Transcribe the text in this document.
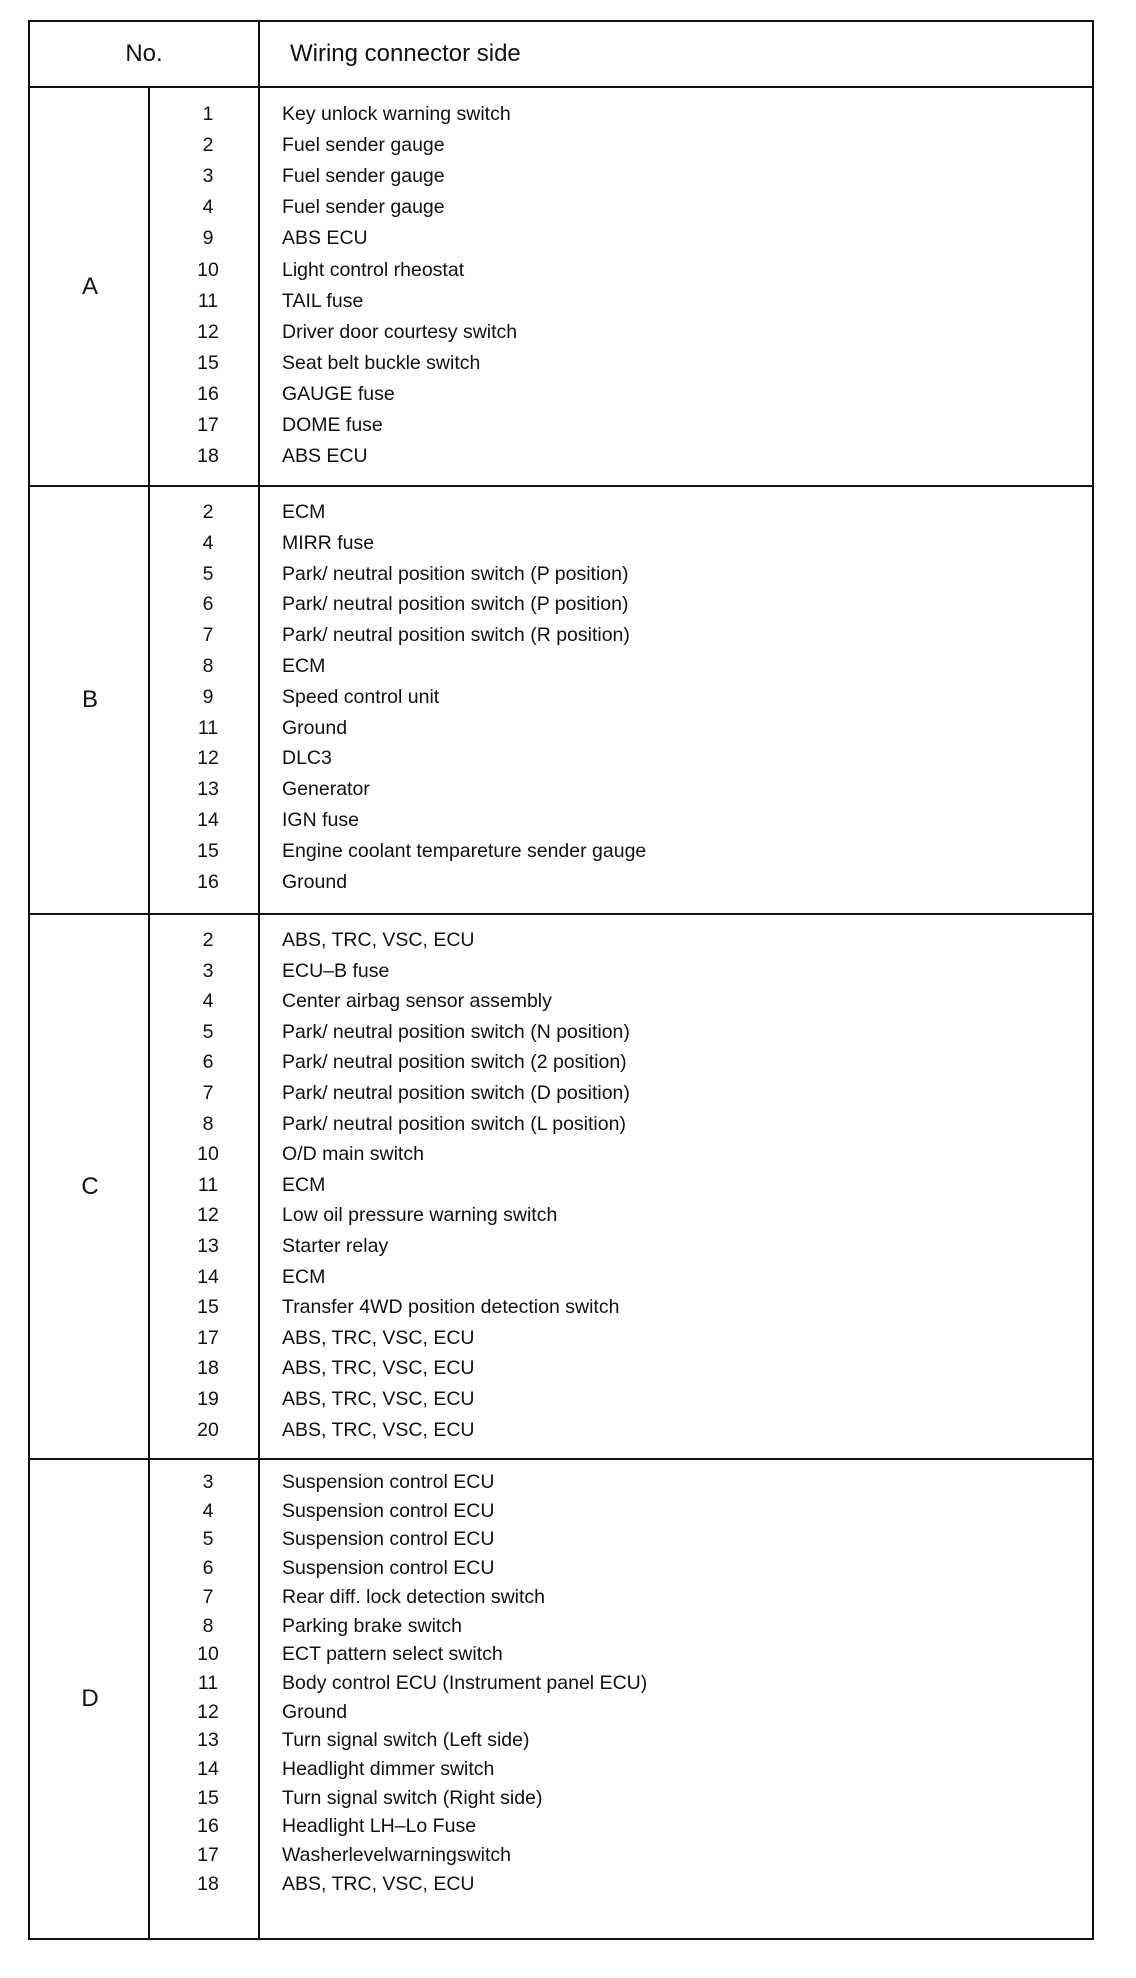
No.	Wiring connector side
A
1	Key unlock warning switch
2	Fuel sender gauge
3	Fuel sender gauge
4	Fuel sender gauge
9	ABS ECU
10	Light control rheostat
11	TAIL fuse
12	Driver door courtesy switch
15	Seat belt buckle switch
16	GAUGE fuse
17	DOME fuse
18	ABS ECU
B
2	ECM
4	MIRR fuse
5	Park/ neutral position switch (P position)
6	Park/ neutral position switch (P position)
7	Park/ neutral position switch (R position)
8	ECM
9	Speed control unit
11	Ground
12	DLC3
13	Generator
14	IGN fuse
15	Engine coolant tempareture sender gauge
16	Ground
C
2	ABS, TRC, VSC, ECU
3	ECU–B fuse
4	Center airbag sensor assembly
5	Park/ neutral position switch (N position)
6	Park/ neutral position switch (2 position)
7	Park/ neutral position switch (D position)
8	Park/ neutral position switch (L position)
10	O/D main switch
11	ECM
12	Low oil pressure warning switch
13	Starter relay
14	ECM
15	Transfer 4WD position detection switch
17	ABS, TRC, VSC, ECU
18	ABS, TRC, VSC, ECU
19	ABS, TRC, VSC, ECU
20	ABS, TRC, VSC, ECU
D
3	Suspension control ECU
4	Suspension control ECU
5	Suspension control ECU
6	Suspension control ECU
7	Rear diff. lock detection switch
8	Parking brake switch
10	ECT pattern select switch
11	Body control ECU (Instrument panel ECU)
12	Ground
13	Turn signal switch (Left side)
14	Headlight dimmer switch
15	Turn signal switch (Right side)
16	Headlight LH–Lo Fuse
17	Washerlevelwarningswitch
18	ABS, TRC, VSC, ECU
